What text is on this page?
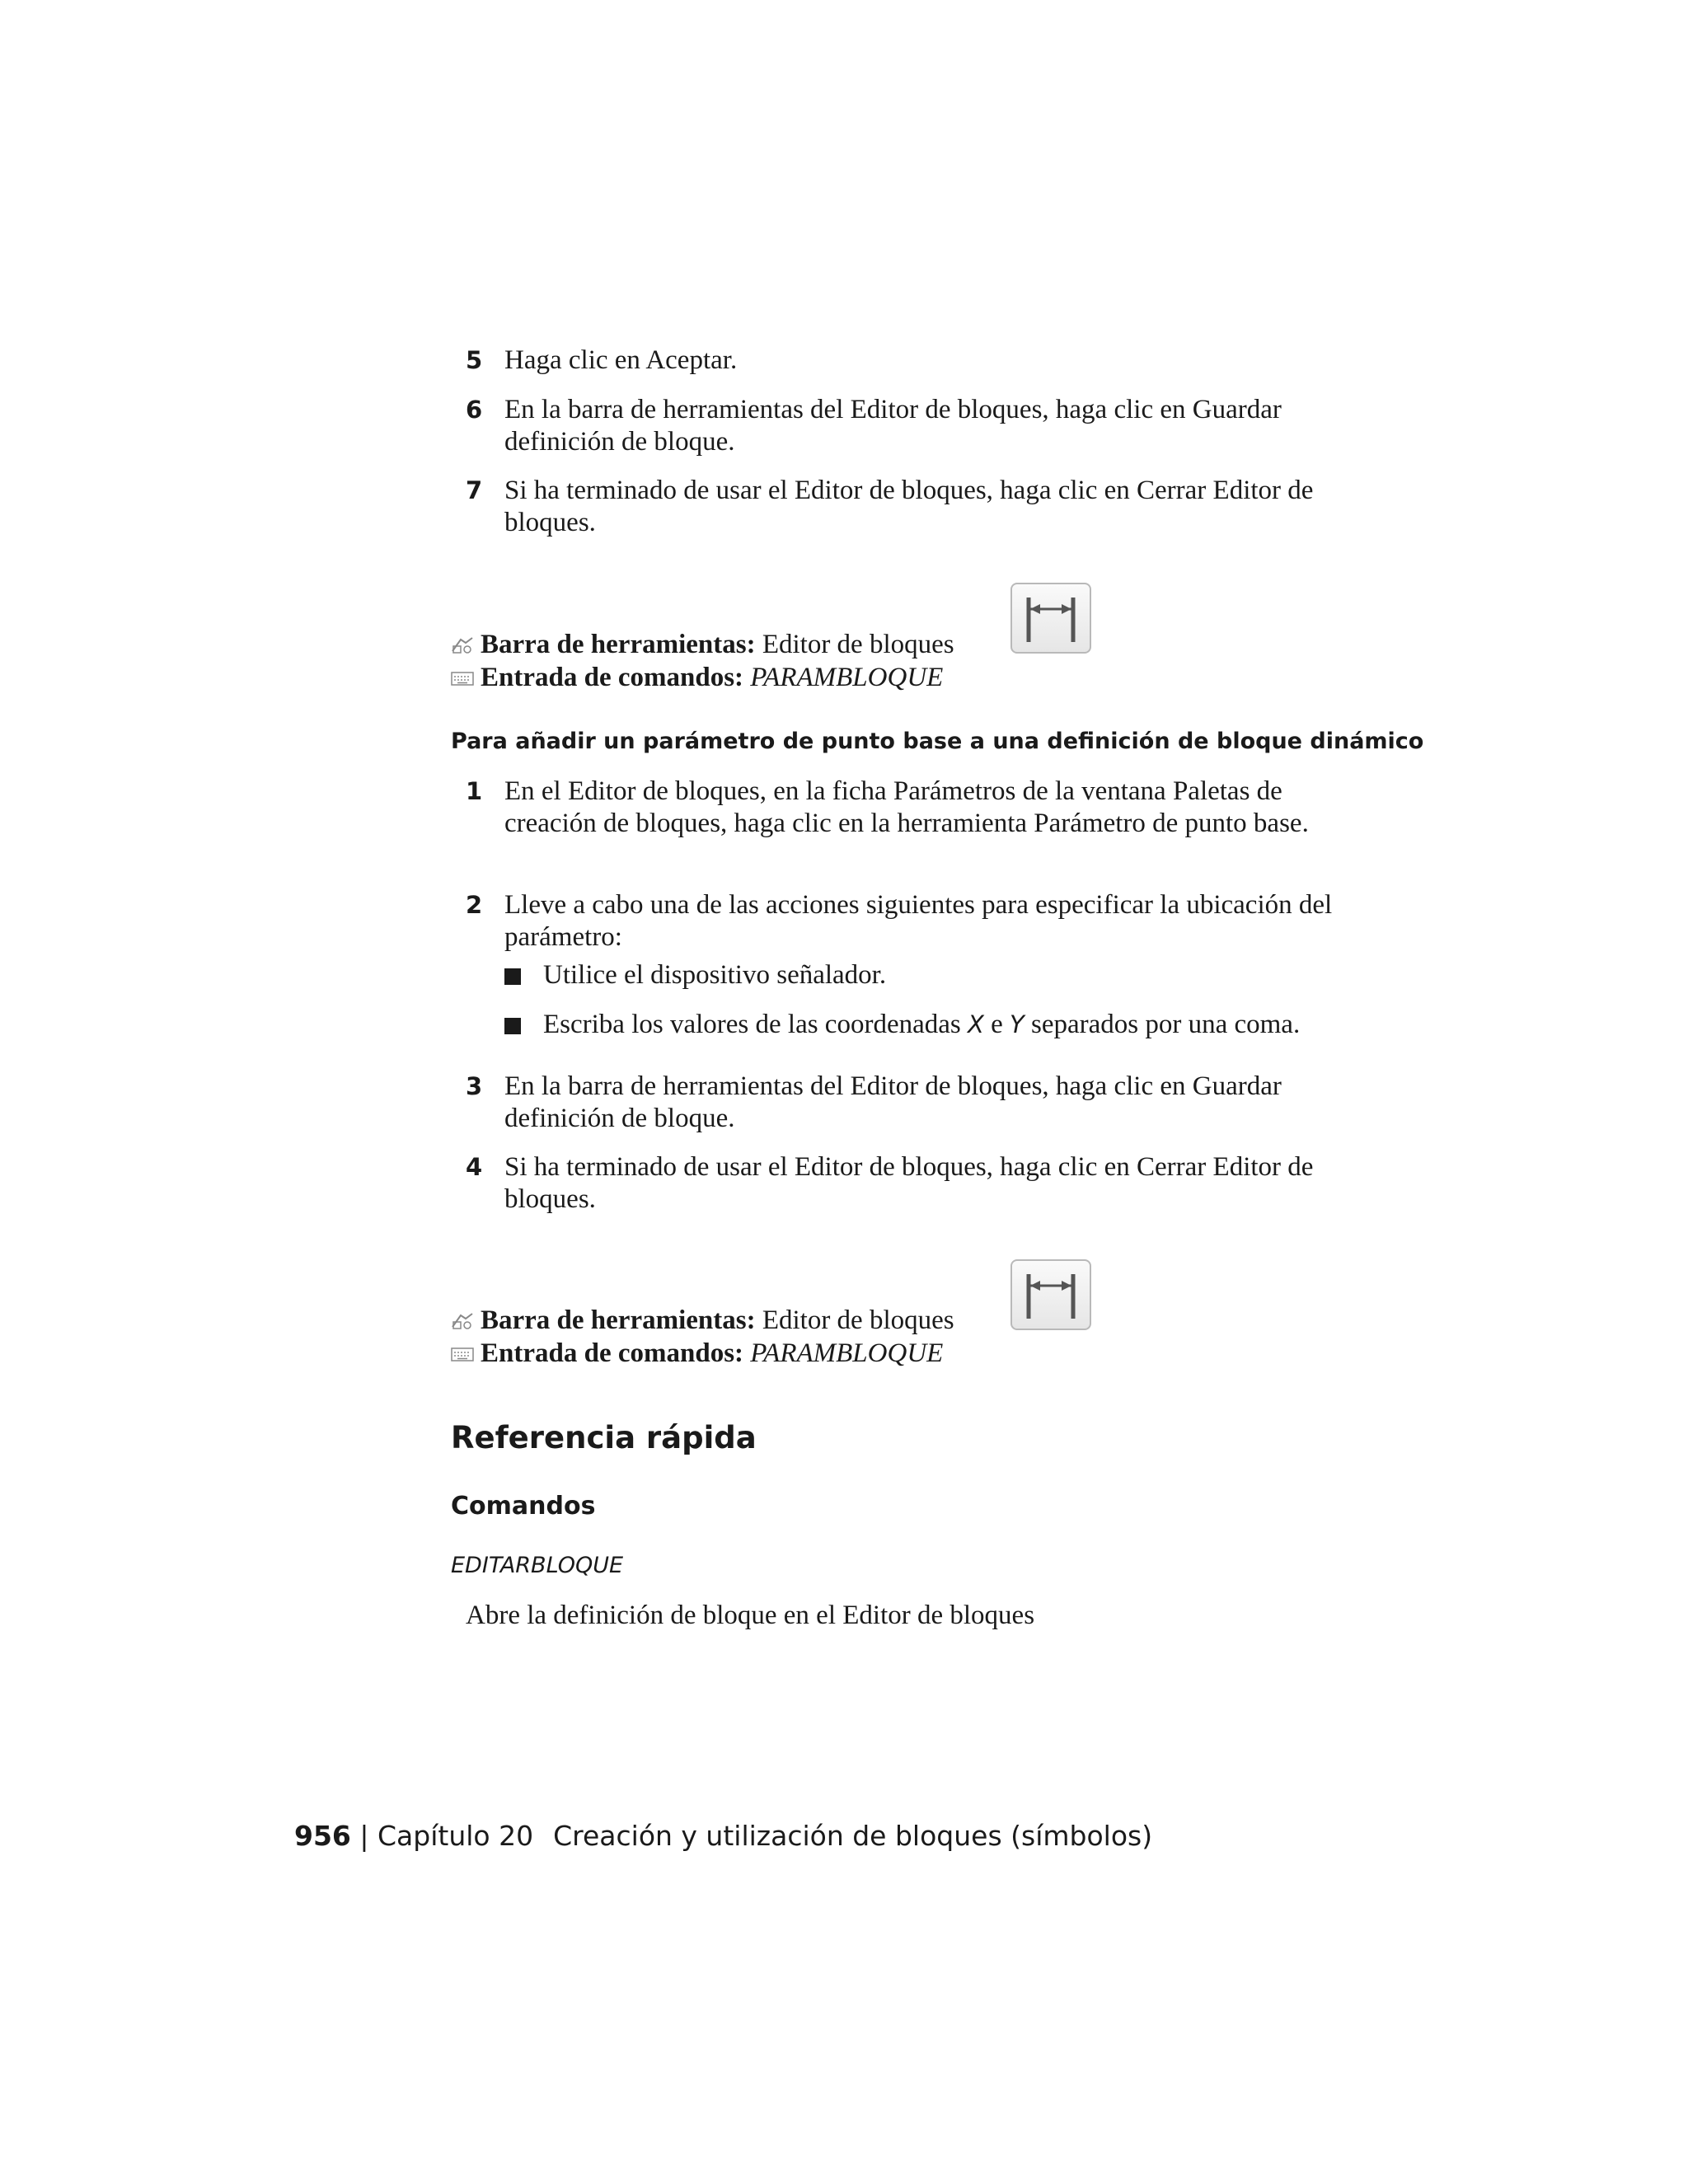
5 Haga clic en Aceptar.
6 En la barra de herramientas del Editor de bloques, haga clic en Guardar definición de bloque.
7 Si ha terminado de usar el Editor de bloques, haga clic en Cerrar Editor de bloques.
Barra de herramientas: Editor de bloques
Entrada de comandos: PARAMBLOQUE
Para añadir un parámetro de punto base a una definición de bloque dinámico
1 En el Editor de bloques, en la ficha Parámetros de la ventana Paletas de creación de bloques, haga clic en la herramienta Parámetro de punto base.
2 Lleve a cabo una de las acciones siguientes para especificar la ubicación del parámetro:
Utilice el dispositivo señalador.
Escriba los valores de las coordenadas X e Y separados por una coma.
3 En la barra de herramientas del Editor de bloques, haga clic en Guardar definición de bloque.
4 Si ha terminado de usar el Editor de bloques, haga clic en Cerrar Editor de bloques.
Barra de herramientas: Editor de bloques
Entrada de comandos: PARAMBLOQUE
Referencia rápida
Comandos
EDITARBLOQUE
Abre la definición de bloque en el Editor de bloques
956 | Capítulo 20 Creación y utilización de bloques (símbolos)
